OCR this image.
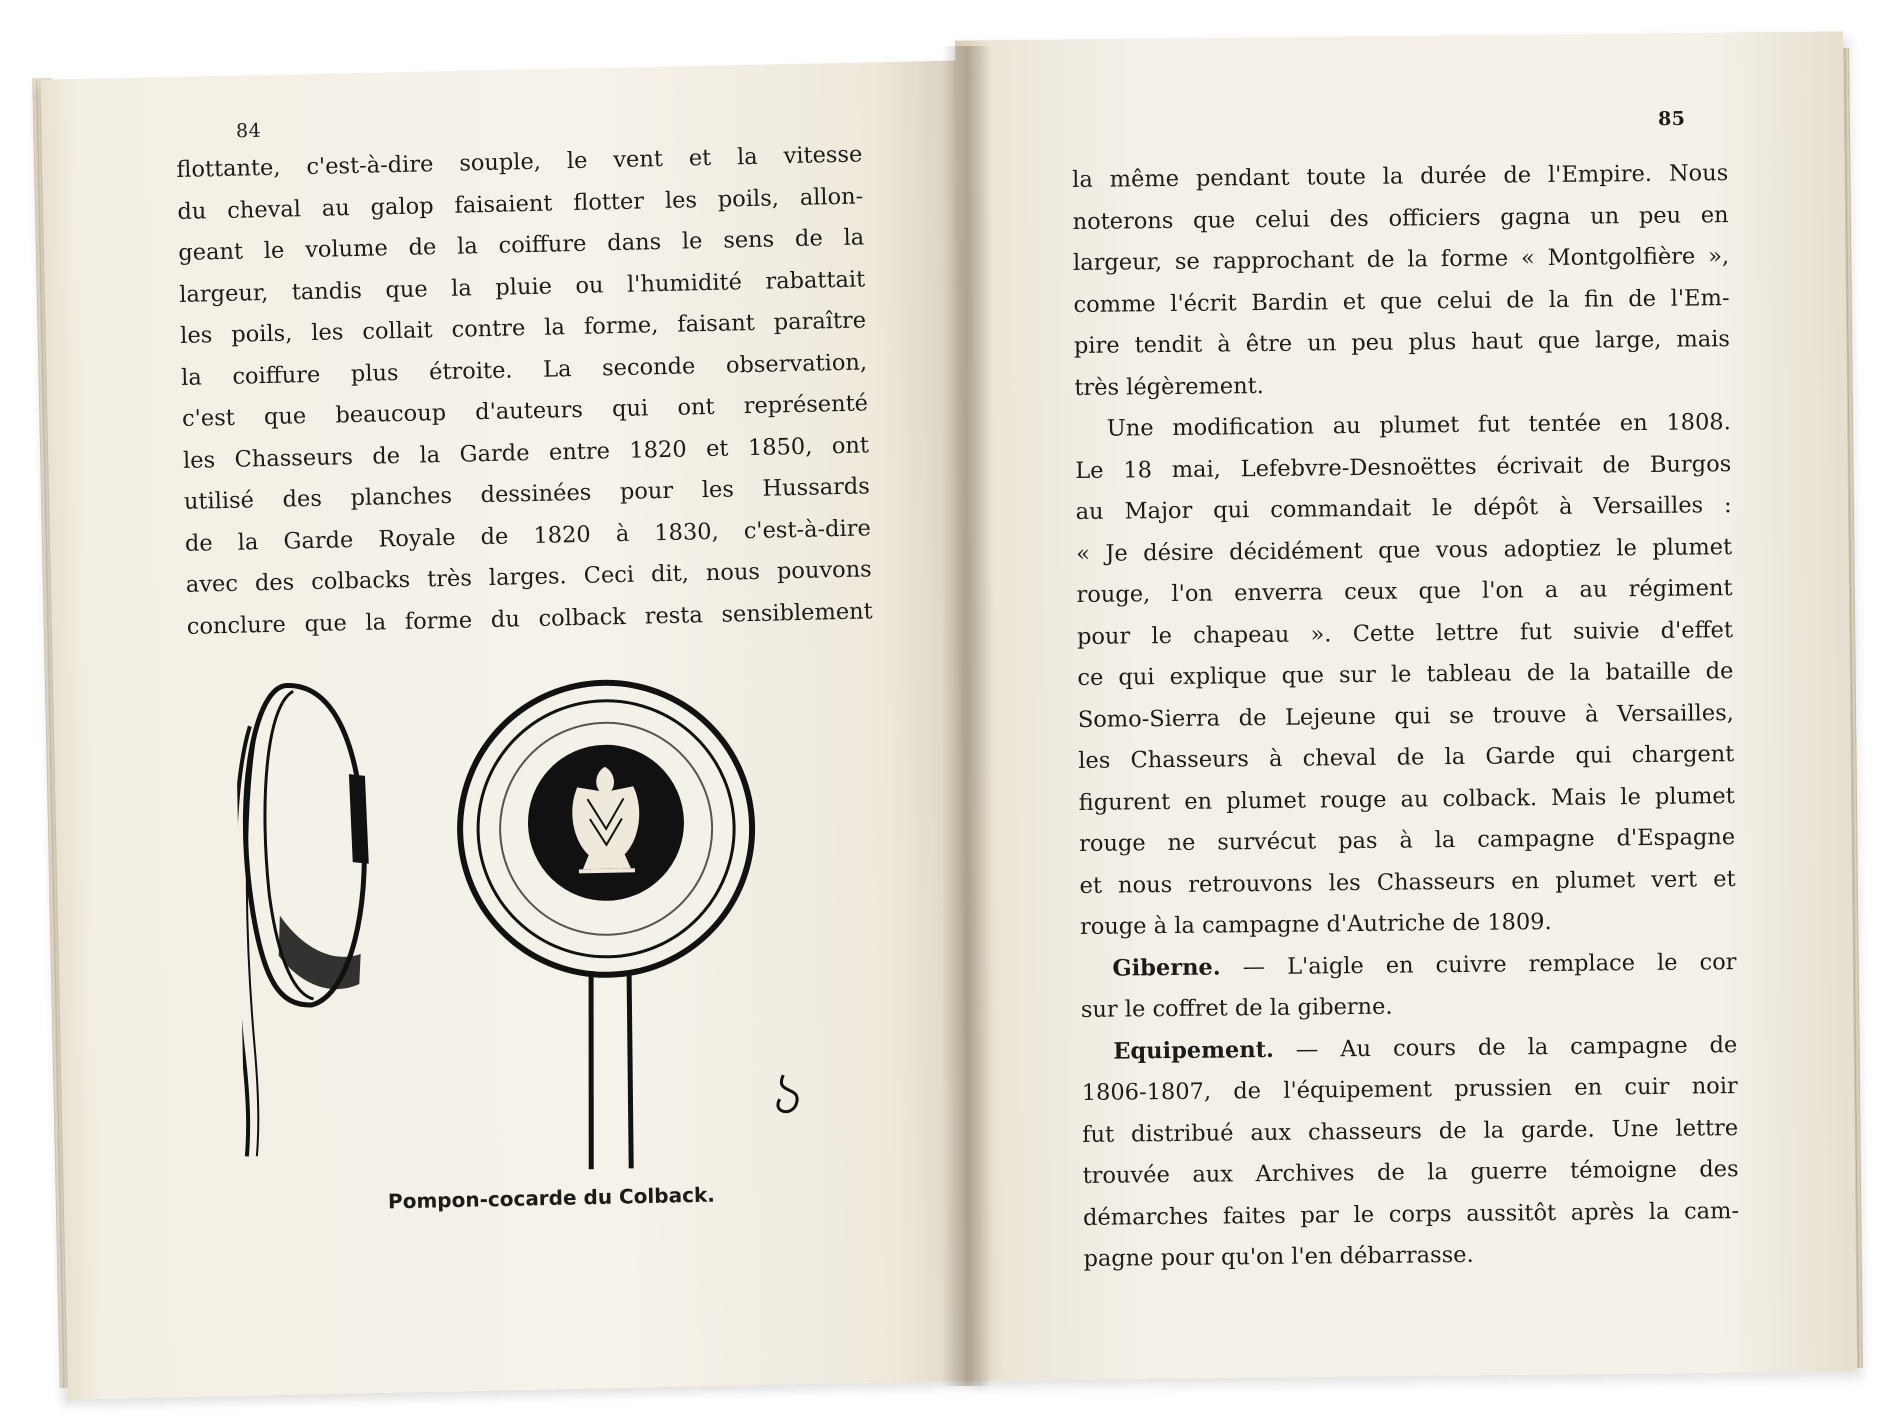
84
flottante, c'est-à-dire souple, le vent et la vitesse
du cheval au galop faisaient flotter les poils, allon-
geant le volume de la coiffure dans le sens de la
largeur, tandis que la pluie ou l'humidité rabattait
les poils, les collait contre la forme, faisant paraître
la coiffure plus étroite. La seconde observation,
c'est que beaucoup d'auteurs qui ont représenté
les Chasseurs de la Garde entre 1820 et 1850, ont
utilisé des planches dessinées pour les Hussards
de la Garde Royale de 1820 à 1830, c'est-à-dire
avec des colbacks très larges. Ceci dit, nous pouvons
conclure que la forme du colback resta sensiblement
Pompon-cocarde du Colback.
85
la même pendant toute la durée de l'Empire. Nous
noterons que celui des officiers gagna un peu en
largeur, se rapprochant de la forme « Montgolfière »,
comme l'écrit Bardin et que celui de la fin de l'Em-
pire tendit à être un peu plus haut que large, mais
très légèrement.
Une modification au plumet fut tentée en 1808.
Le 18 mai, Lefebvre-Desnoëttes écrivait de Burgos
au Major qui commandait le dépôt à Versailles :
« Je désire décidément que vous adoptiez le plumet
rouge, l'on enverra ceux que l'on a au régiment
pour le chapeau ». Cette lettre fut suivie d'effet
ce qui explique que sur le tableau de la bataille de
Somo-Sierra de Lejeune qui se trouve à Versailles,
les Chasseurs à cheval de la Garde qui chargent
figurent en plumet rouge au colback. Mais le plumet
rouge ne survécut pas à la campagne d'Espagne
et nous retrouvons les Chasseurs en plumet vert et
rouge à la campagne d'Autriche de 1809.
Giberne. — L'aigle en cuivre remplace le cor
sur le coffret de la giberne.
Equipement. — Au cours de la campagne de
1806-1807, de l'équipement prussien en cuir noir
fut distribué aux chasseurs de la garde. Une lettre
trouvée aux Archives de la guerre témoigne des
démarches faites par le corps aussitôt après la cam-
pagne pour qu'on l'en débarrasse.
